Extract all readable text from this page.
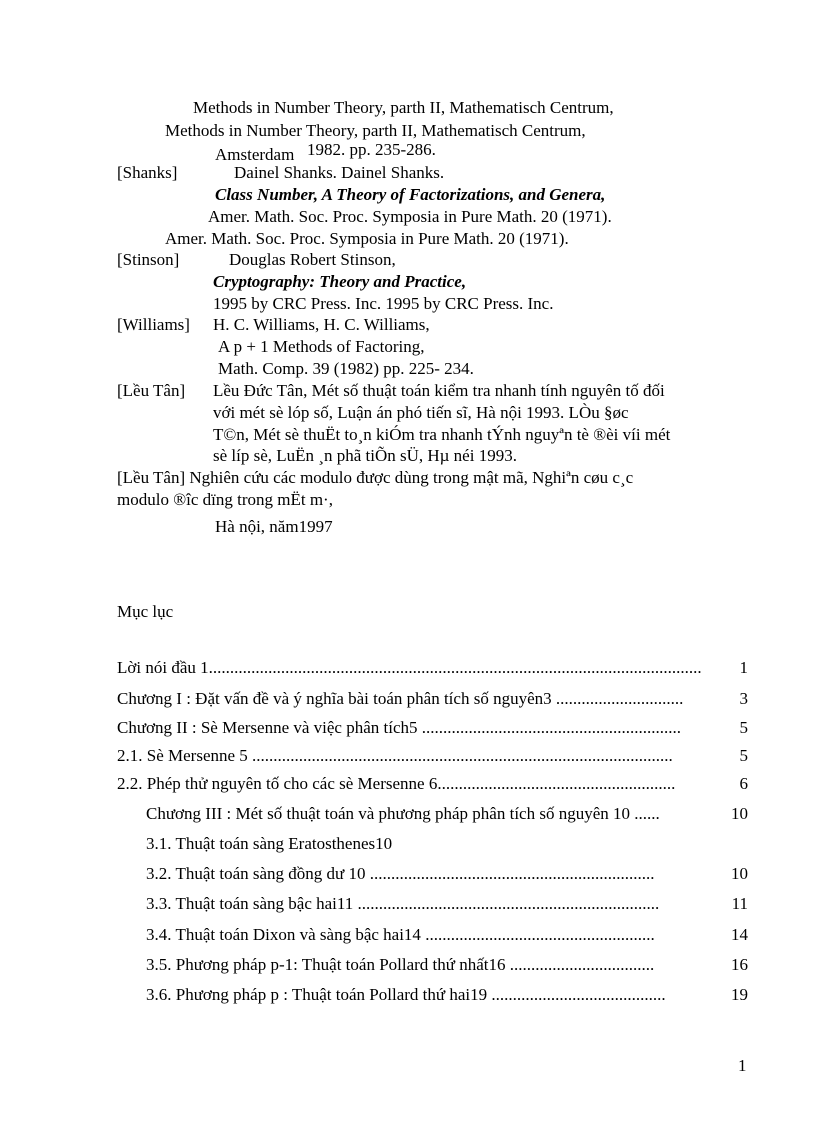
Methods in Number Theory, parth II, Mathematisch Centrum,
Methods in Number Theory, parth II, Mathematisch Centrum,
Amsterdam 1982. pp. 235-286.
[Shanks]	Dainel Shanks. Dainel Shanks.
Class Number, A Theory of Factorizations, and Genera,
Amer. Math. Soc. Proc. Symposia in Pure Math. 20 (1971).
Amer. Math. Soc. Proc. Symposia in Pure Math. 20 (1971).
[Stinson]	Douglas Robert Stinson,
Cryptography: Theory and Practice,
1995 by CRC Press. Inc. 1995 by CRC Press. Inc.
[Williams] H. C. Williams, H. C. Williams,
A p + 1 Methods of Factoring,
Math. Comp. 39 (1982) pp. 225- 234.
[Lều Tân] Lều Đức Tân, Mét số thuật toán kiểm tra nhanh tính nguyên tố đối
với mét sè lóp số, Luận án phó tiến sĩ, Hà nội 1993. LÒu §øc
T©n, Mét sè thuËt to¸n kiÓm tra nhanh tÝnh nguyªn tè ®èi víi mét
sè líp sè, LuËn ¸n phã tiÕn sÜ, Hµ néi 1993.
[Lều Tân] Nghiên cứu các modulo được dùng trong mật mã, Nghiªn cøu c¸c
modulo ®îc dïng trong mËt m·,
Hà nội, năm1997
Mục lục
Lời nói đầu 1.................................................................................................................... 1
Chương I : Đặt vấn đề và ý nghĩa bài toán phân tích số nguyên3 ..............................	3
Chương II : Sè Mersenne và việc phân tích5 .............................................................	5
2.1. Sè Mersenne 5 ...................................................................................................	5
2.2. Phép thử nguyên tố cho các sè Mersenne 6........................................................	6
Chương III : Mét số thuật toán và phương pháp phân tích số nguyên 10 ......	10
3.1. Thuật toán sàng Eratosthenes10
3.2. Thuật toán sàng đồng dư 10 ...................................................................	10
3.3. Thuật toán sàng bậc hai11 .......................................................................	11
3.4. Thuật toán Dixon và sàng bậc hai14 ......................................................	14
3.5. Phương pháp p-1: Thuật toán Pollard thứ nhất16 ..................................	16
3.6. Phương pháp p : Thuật toán Pollard thứ hai19 .........................................	19
1
